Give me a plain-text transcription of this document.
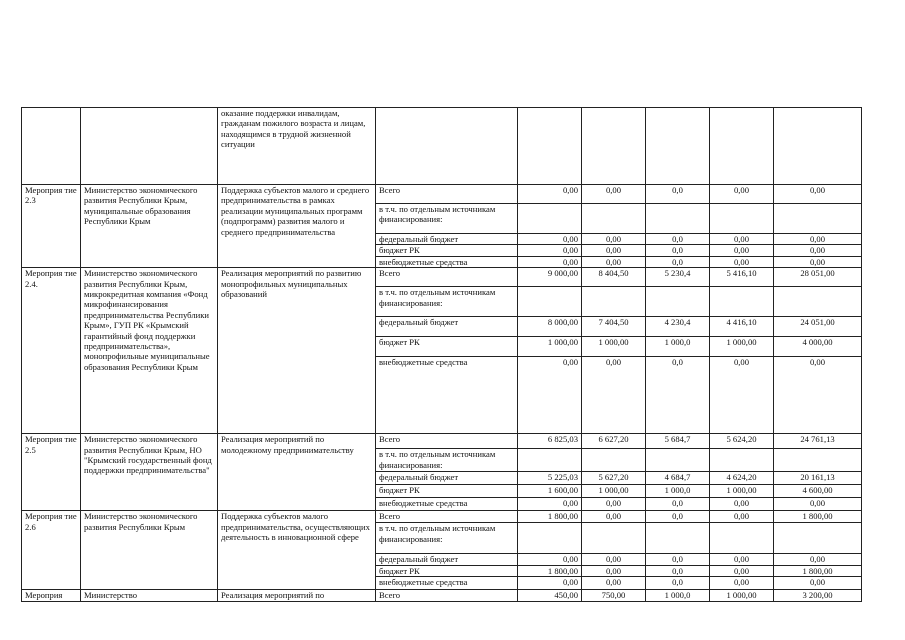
		оказание поддержки инвалидам, гражданам пожилого возраста и лицам, находящимся в трудной жизненной ситуации						
Мероприя тие 2.3	Министерство экономического развития Республики Крым, муниципальные образования Республики Крым	Поддержка субъектов малого и среднего предпринимательства в рамках реализации муниципальных программ (подпрограмм) развития малого и среднего предпринимательства	Всего	0,00	0,00	0,0	0,00	0,00
			в т.ч. по отдельным источникам финансирования:					
			федеральный бюджет	0,00	0,00	0,0	0,00	0,00
			бюджет РК	0,00	0,00	0,0	0,00	0,00
			внебюджетные средства	0,00	0,00	0,0	0,00	0,00
Мероприя тие 2.4.	Министерство экономического развития Республики Крым, микрокредитная компания «Фонд микрофинансирования предпринимательства Республики Крым», ГУП РК «Крымский гарантийный фонд поддержки предпринимательства», монопрофильные муниципальные образования Республики Крым	Реализация мероприятий по развитию монопрофильных муниципальных образований	Всего	9 000,00	8 404,50	5 230,4	5 416,10	28 051,00
			в т.ч. по отдельным источникам финансирования:					
			федеральный бюджет	8 000,00	7 404,50	4 230,4	4 416,10	24 051,00
			бюджет РК	1 000,00	1 000,00	1 000,0	1 000,00	4 000,00
			внебюджетные средства	0,00	0,00	0,0	0,00	0,00
Мероприя тие 2.5	Министерство экономического развития Республики Крым, НО "Крымский государственный фонд поддержки предпринимательства"	Реализация мероприятий по молодежному предпринимательству	Всего	6 825,03	6 627,20	5 684,7	5 624,20	24 761,13
			в т.ч. по отдельным источникам финансирования:					
			федеральный бюджет	5 225,03	5 627,20	4 684,7	4 624,20	20 161,13
			бюджет РК	1 600,00	1 000,00	1 000,0	1 000,00	4 600,00
			внебюджетные средства	0,00	0,00	0,0	0,00	0,00
Мероприя тие 2.6	Министерство экономического развития Республики Крым	Поддержка субъектов малого предпринимательства, осуществляющих деятельность в инновационной сфере	Всего	1 800,00	0,00	0,0	0,00	1 800,00
			в т.ч. по отдельным источникам финансирования:					
			федеральный бюджет	0,00	0,00	0,0	0,00	0,00
			бюджет РК	1 800,00	0,00	0,0	0,00	1 800,00
			внебюджетные средства	0,00	0,00	0,0	0,00	0,00
Мероприя	Министерство	Реализация мероприятий по	Всего	450,00	750,00	1 000,0	1 000,00	3 200,00
